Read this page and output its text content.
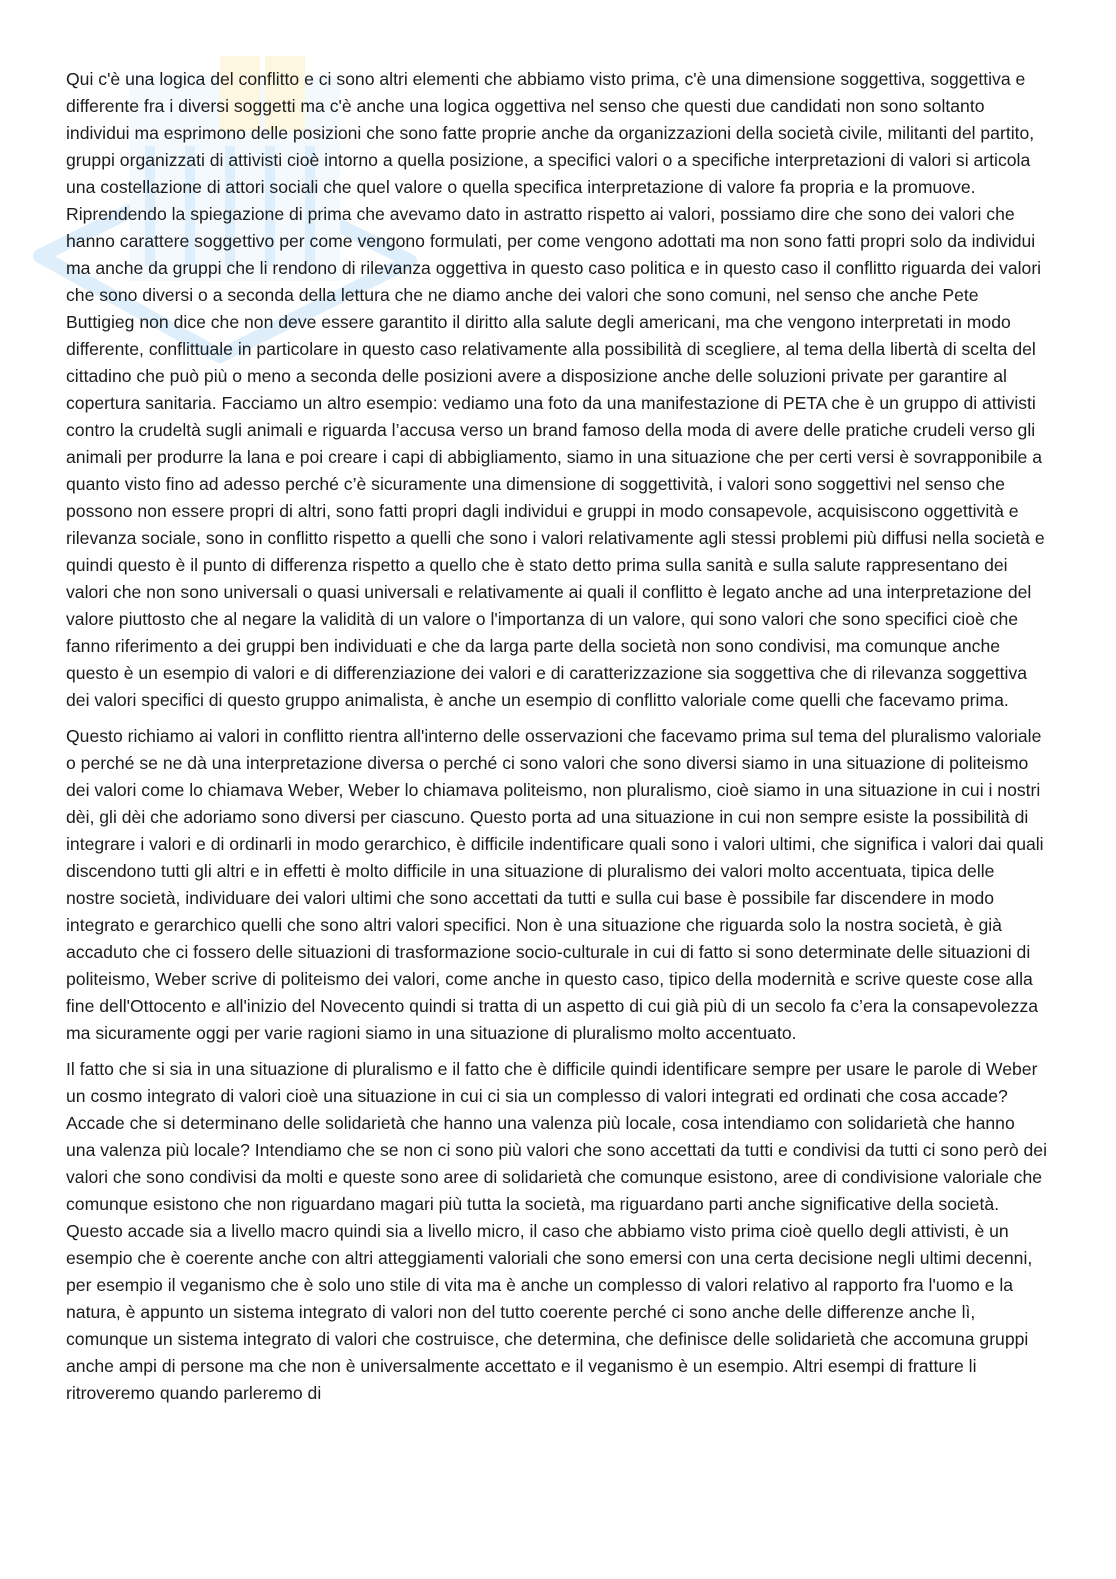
Qui c'è una logica del conflitto e ci sono altri elementi che abbiamo visto prima, c'è una dimensione soggettiva, soggettiva e differente fra i diversi soggetti ma c'è anche una logica oggettiva nel senso che questi due candidati non sono soltanto individui ma esprimono delle posizioni che sono fatte proprie anche da organizzazioni della società civile, militanti del partito, gruppi organizzati di attivisti cioè intorno a quella posizione, a specifici valori o a specifiche interpretazioni di valori si articola una costellazione di attori sociali che quel valore o quella specifica interpretazione di valore fa propria e la promuove. Riprendendo la spiegazione di prima che avevamo dato in astratto rispetto ai valori, possiamo dire che sono dei valori che hanno carattere soggettivo per come vengono formulati, per come vengono adottati ma non sono fatti propri solo da individui ma anche da gruppi che li rendono di rilevanza oggettiva in questo caso politica e in questo caso il conflitto riguarda dei valori che sono diversi o a seconda della lettura che ne diamo anche dei valori che sono comuni, nel senso che anche Pete Buttigieg non dice che non deve essere garantito il diritto alla salute degli americani, ma che vengono interpretati in modo differente, conflittuale in particolare in questo caso relativamente alla possibilità di scegliere, al tema della libertà di scelta del cittadino che può più o meno a seconda delle posizioni avere a disposizione anche delle soluzioni private per garantire al copertura sanitaria. Facciamo un altro esempio: vediamo una foto da una manifestazione di PETA che è un gruppo di attivisti contro la crudeltà sugli animali e riguarda l’accusa verso un brand famoso della moda di avere delle pratiche crudeli verso gli animali per produrre la lana e poi creare i capi di abbigliamento, siamo in una situazione che per certi versi è sovrapponibile a quanto visto fino ad adesso perché c’è sicuramente una dimensione di soggettività, i valori sono soggettivi nel senso che possono non essere propri di altri, sono fatti propri dagli individui e gruppi in modo consapevole, acquisiscono oggettività e rilevanza sociale, sono in conflitto rispetto a quelli che sono i valori relativamente agli stessi problemi più diffusi nella società e quindi questo è il punto di differenza rispetto a quello che è stato detto prima sulla sanità e sulla salute rappresentano dei valori che non sono universali o quasi universali e relativamente ai quali il conflitto è legato anche ad una interpretazione del valore piuttosto che al negare la validità di un valore o l'importanza di un valore, qui sono valori che sono specifici cioè che fanno riferimento a dei gruppi ben individuati e che da larga parte della società non sono condivisi, ma comunque anche questo è un esempio di valori e di differenziazione dei valori e di caratterizzazione sia soggettiva che di rilevanza soggettiva dei valori specifici di questo gruppo animalista, è anche un esempio di conflitto valoriale come quelli che facevamo prima.

Questo richiamo ai valori in conflitto rientra all'interno delle osservazioni che facevamo prima sul tema del pluralismo valoriale o perché se ne dà una interpretazione diversa o perché ci sono valori che sono diversi siamo in una situazione di politeismo dei valori come lo chiamava Weber, Weber lo chiamava politeismo, non pluralismo, cioè siamo in una situazione in cui i nostri dèi, gli dèi che adoriamo sono diversi per ciascuno. Questo porta ad una situazione in cui non sempre esiste la possibilità di integrare i valori e di ordinarli in modo gerarchico, è difficile indentificare quali sono i valori ultimi, che significa i valori dai quali discendono tutti gli altri e in effetti è molto difficile in una situazione di pluralismo dei valori molto accentuata, tipica delle nostre società, individuare dei valori ultimi che sono accettati da tutti e sulla cui base è possibile far discendere in modo integrato e gerarchico quelli che sono altri valori specifici. Non è una situazione che riguarda solo la nostra società, è già accaduto che ci fossero delle situazioni di trasformazione socio-culturale in cui di fatto si sono determinate delle situazioni di politeismo, Weber scrive di politeismo dei valori, come anche in questo caso, tipico della modernità e scrive queste cose alla fine dell'Ottocento e all'inizio del Novecento quindi si tratta di un aspetto di cui già più di un secolo fa c’era la consapevolezza ma sicuramente oggi per varie ragioni siamo in una situazione di pluralismo molto accentuato.

Il fatto che si sia in una situazione di pluralismo e il fatto che è difficile quindi identificare sempre per usare le parole di Weber un cosmo integrato di valori cioè una situazione in cui ci sia un complesso di valori integrati ed ordinati che cosa accade? Accade che si determinano delle solidarietà che hanno una valenza più locale, cosa intendiamo con solidarietà che hanno una valenza più locale? Intendiamo che se non ci sono più valori che sono accettati da tutti e condivisi da tutti ci sono però dei valori che sono condivisi da molti e queste sono aree di solidarietà che comunque esistono, aree di condivisione valoriale che comunque esistono che non riguardano magari più tutta la società, ma riguardano parti anche significative della società. Questo accade sia a livello macro quindi sia a livello micro, il caso che abbiamo visto prima cioè quello degli attivisti, è un esempio che è coerente anche con altri atteggiamenti valoriali che sono emersi con una certa decisione negli ultimi decenni, per esempio il veganismo che è solo uno stile di vita ma è anche un complesso di valori relativo al rapporto fra l'uomo e la natura, è appunto un sistema integrato di valori non del tutto coerente perché ci sono anche delle differenze anche lì, comunque un sistema integrato di valori che costruisce, che determina, che definisce delle solidarietà che accomuna gruppi anche ampi di persone ma che non è universalmente accettato e il veganismo è un esempio. Altri esempi di fratture li ritroveremo quando parleremo di
